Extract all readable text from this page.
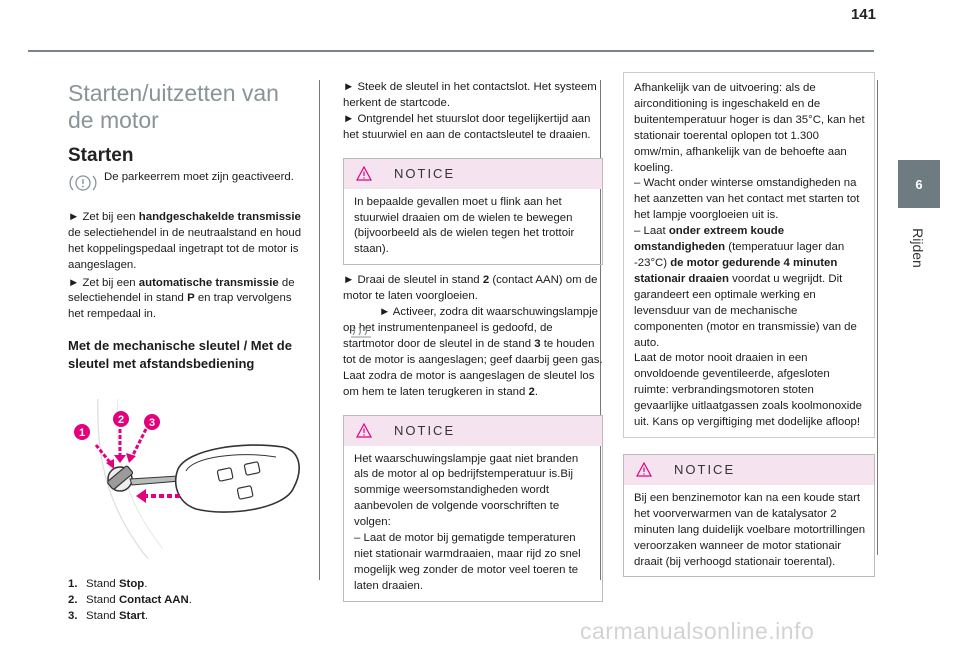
141
6
Rijden
Starten/uitzetten van de motor
Starten

De parkeerrem moet zijn geactiveerd.

► Zet bij een handgeschakelde transmissie de selectiehendel in de neutraalstand en houd het koppelingspedaal ingetrapt tot de motor is aangeslagen.

► Zet bij een automatische transmissie de selectiehendel in stand P en trap vervolgens het rempedaal in.

Met de mechanische sleutel / Met de sleutel met afstandsbediening
1
2 3
1. Stand Stop.
2. Stand Contact AAN.
3. Stand Start.

► Steek de sleutel in het contactslot. Het systeem herkent de startcode.

► Ontgrendel het stuurslot door tegelijkertijd aan het stuurwiel en aan de contactsleutel te draaien.

NOTICE

In bepaalde gevallen moet u flink aan het stuurwiel draaien om de wielen te bewegen (bijvoorbeeld als de wielen tegen het trottoir staan).

► Draai de sleutel in stand 2 (contact AAN) om de motor te laten voorgloeien.

► Activeer, zodra dit waarschuwingslampje op het instrumentenpaneel is gedoofd, de startmotor door de sleutel in de stand 3 te houden tot de motor is aangeslagen; geef daarbij geen gas.

Laat zodra de motor is aangeslagen de sleutel los om hem te laten terugkeren in stand 2.

NOTICE

Het waarschuwingslampje gaat niet branden als de motor al op bedrijfstemperatuur is.Bij sommige weersomstandigheden wordt aanbevolen de volgende voorschriften te volgen:

– Laat de motor bij gematigde temperaturen niet stationair warmdraaien, maar rijd zo snel mogelijk weg zonder de motor veel toeren te laten draaien.

Afhankelijk van de uitvoering: als de airconditioning is ingeschakeld en de buitentemperatuur hoger is dan 35°C, kan het stationair toerental oplopen tot 1.300 omw/min, afhankelijk van de behoefte aan koeling.

– Wacht onder winterse omstandigheden na het aanzetten van het contact met starten tot het lampje voorgloeien uit is.

– Laat onder extreem koude omstandigheden (temperatuur lager dan -23°C) de motor gedurende 4 minuten stationair draaien voordat u wegrijdt. Dit garandeert een optimale werking en levensduur van de mechanische componenten (motor en transmissie) van de auto.

Laat de motor nooit draaien in een onvoldoende geventileerde, afgesloten ruimte: verbrandingsmotoren stoten gevaarlijke uitlaatgassen zoals koolmonoxide uit. Kans op vergiftiging met dodelijke afloop!

NOTICE

Bij een benzinemotor kan na een koude start het voorverwarmen van de katalysator 2 minuten lang duidelijk voelbare motortrillingen veroorzaken wanneer de motor stationair draait (bij verhoogd stationair toerental).

carmanualsonline.info
